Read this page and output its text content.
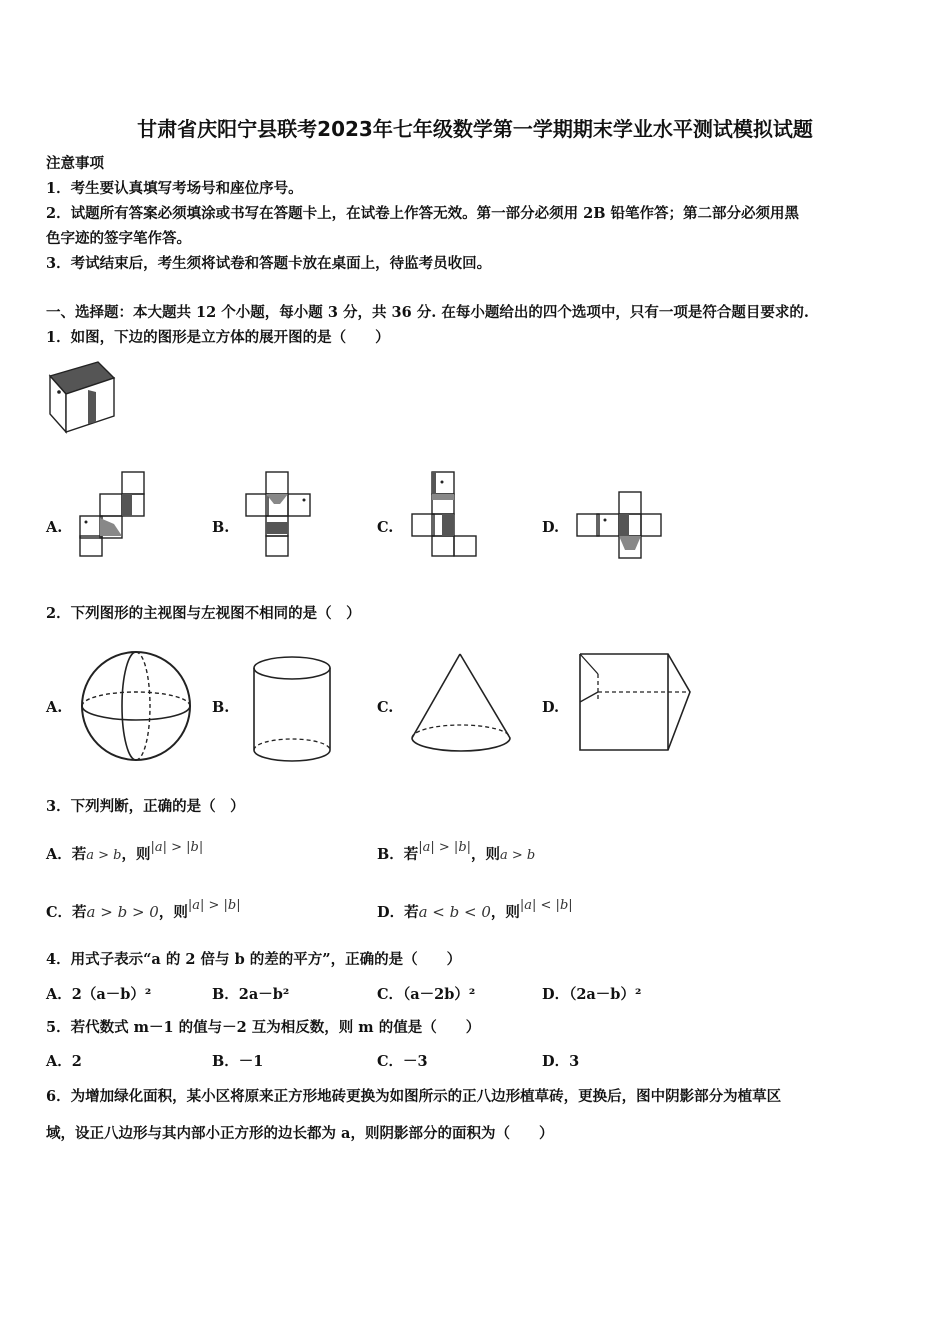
甘肃省庆阳宁县联考2023年七年级数学第一学期期末学业水平测试模拟试题
注意事项
1．考生要认真填写考场号和座位序号。
2．试题所有答案必须填涂或书写在答题卡上，在试卷上作答无效。第一部分必须用 2B 铅笔作答；第二部分必须用黑
色字迹的签字笔作答。
3．考试结束后，考生须将试卷和答题卡放在桌面上，待监考员收回。
一、选择题：本大题共 12 个小题，每小题 3 分，共 36 分. 在每小题给出的四个选项中，只有一项是符合题目要求的.
1．如图，下边的图形是立方体的展开图的是（　　）
A.	B.	C.	D.
2．下列图形的主视图与左视图不相同的是（　）
A.	B.	C.	D.
3．下列判断，正确的是（　）
A．若a > b，则|a| > |b|	B．若|a| > |b|，则a > b
C．若a > b > 0，则|a| > |b|	D．若a < b < 0，则|a| < |b|
4．用式子表示“a 的 2 倍与 b 的差的平方”，正确的是（　　）
A．2（a－b）²	B．2a－b²	C．（a－2b）²	D．（2a－b）²
5．若代数式 m－1 的值与－2 互为相反数，则 m 的值是（　　）
A．2	B．－1	C．－3	D．3
6．为增加绿化面积，某小区将原来正方形地砖更换为如图所示的正八边形植草砖，更换后，图中阴影部分为植草区
域，设正八边形与其内部小正方形的边长都为 a，则阴影部分的面积为（　　）
